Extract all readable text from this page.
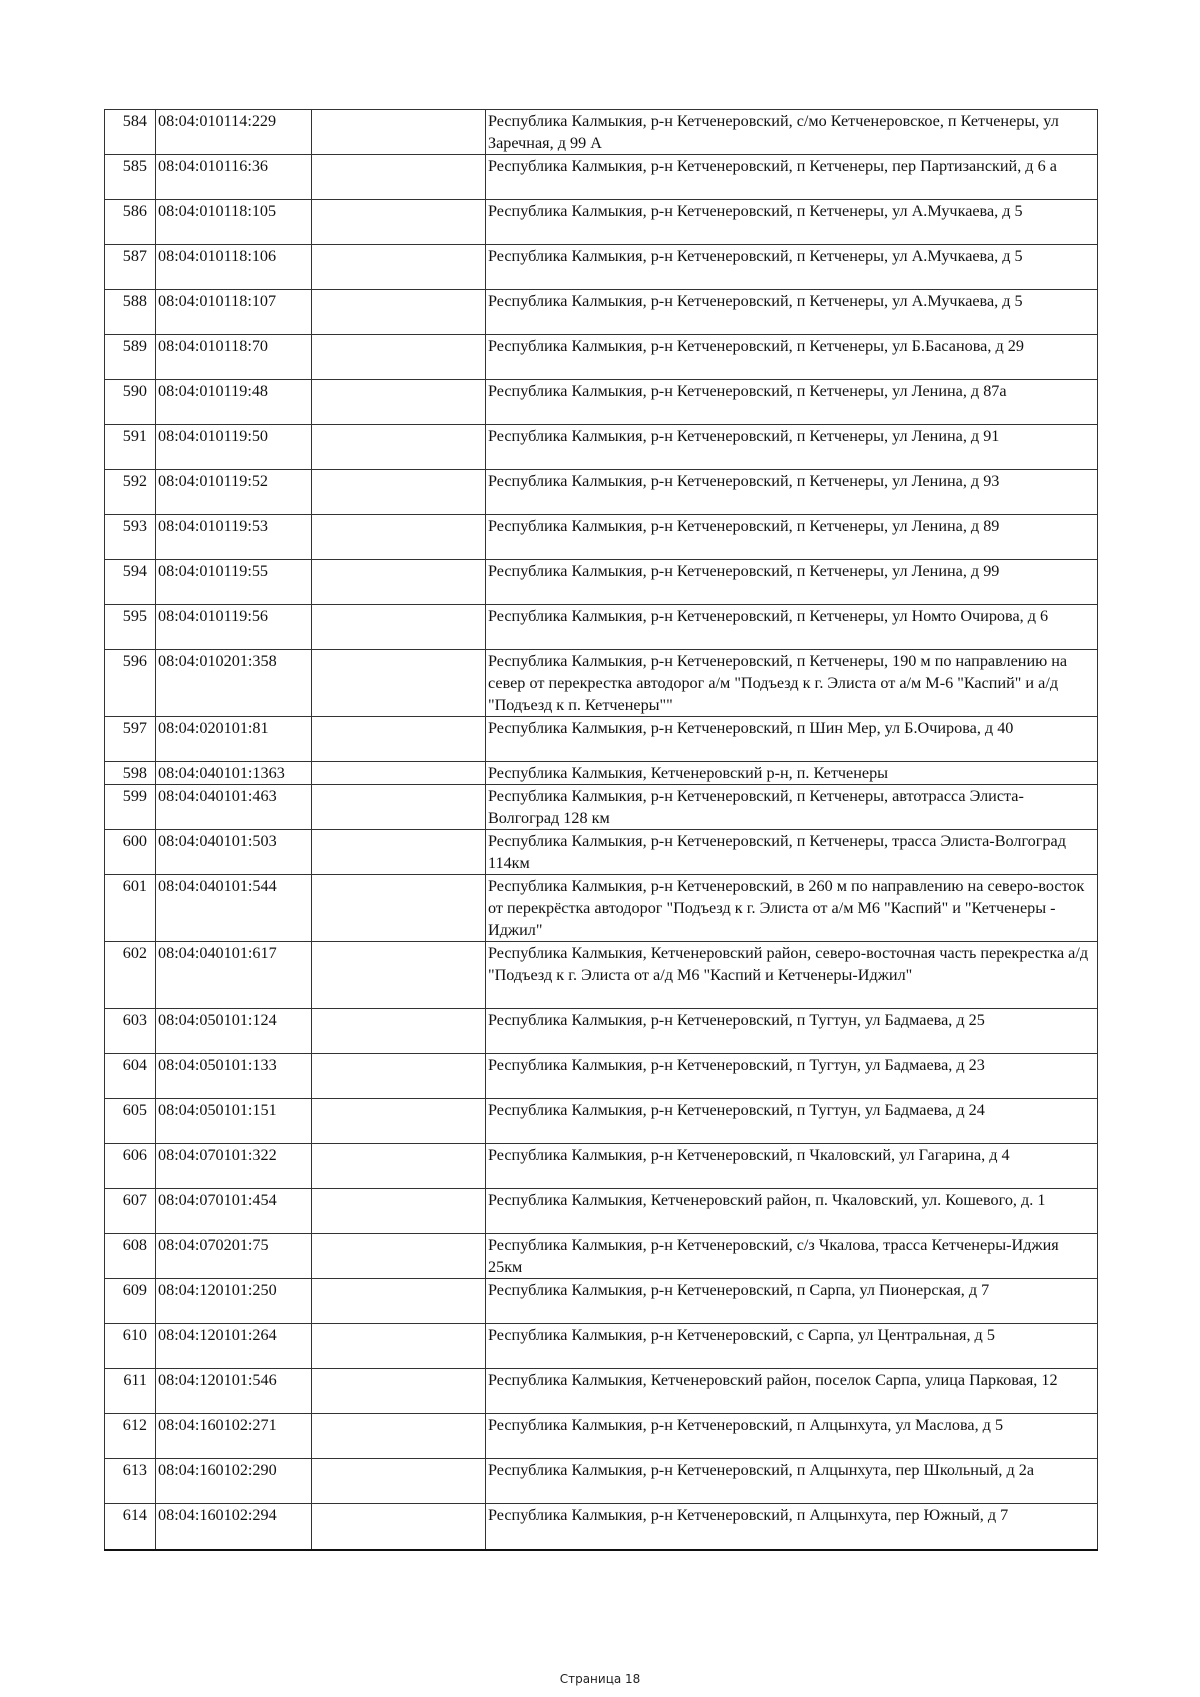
584	08:04:010114:229		Республика Калмыкия, р-н Кетченеровский, с/мо Кетченеровское, п Кетченеры, ул Заречная, д 99 А
585	08:04:010116:36		Республика Калмыкия, р-н Кетченеровский, п Кетченеры, пер Партизанский, д 6 а
586	08:04:010118:105		Республика Калмыкия, р-н Кетченеровский, п Кетченеры, ул А.Мучкаева, д 5
587	08:04:010118:106		Республика Калмыкия, р-н Кетченеровский, п Кетченеры, ул А.Мучкаева, д 5
588	08:04:010118:107		Республика Калмыкия, р-н Кетченеровский, п Кетченеры, ул А.Мучкаева, д 5
589	08:04:010118:70		Республика Калмыкия, р-н Кетченеровский, п Кетченеры, ул Б.Басанова, д 29
590	08:04:010119:48		Республика Калмыкия, р-н Кетченеровский, п Кетченеры, ул Ленина, д 87а
591	08:04:010119:50		Республика Калмыкия, р-н Кетченеровский, п Кетченеры, ул Ленина, д 91
592	08:04:010119:52		Республика Калмыкия, р-н Кетченеровский, п Кетченеры, ул Ленина, д 93
593	08:04:010119:53		Республика Калмыкия, р-н Кетченеровский, п Кетченеры, ул Ленина, д 89
594	08:04:010119:55		Республика Калмыкия, р-н Кетченеровский, п Кетченеры, ул Ленина, д 99
595	08:04:010119:56		Республика Калмыкия, р-н Кетченеровский, п Кетченеры, ул Номто Очирова, д 6
596	08:04:010201:358		Республика Калмыкия, р-н Кетченеровский, п Кетченеры, 190 м по направлению на север от перекрестка автодорог а/м "Подъезд к г. Элиста от а/м М-6 "Каспий" и а/д "Подъезд к п. Кетченеры""
597	08:04:020101:81		Республика Калмыкия, р-н Кетченеровский, п Шин Мер, ул Б.Очирова, д 40
598	08:04:040101:1363		Республика Калмыкия, Кетченеровский р-н, п. Кетченеры
599	08:04:040101:463		Республика Калмыкия, р-н Кетченеровский, п Кетченеры, автотрасса Элиста-Волгоград 128 км
600	08:04:040101:503		Республика Калмыкия, р-н Кетченеровский, п Кетченеры, трасса Элиста-Волгоград 114км
601	08:04:040101:544		Республика Калмыкия, р-н Кетченеровский, в 260 м по направлению на северо-восток от перекрёстка автодорог "Подъезд к г. Элиста от а/м М6 "Каспий" и "Кетченеры - Иджил"
602	08:04:040101:617		Республика Калмыкия, Кетченеровский район, северо-восточная часть перекрестка а/д "Подъезд к г. Элиста от а/д М6 "Каспий и Кетченеры-Иджил"
603	08:04:050101:124		Республика Калмыкия, р-н Кетченеровский, п Тугтун, ул Бадмаева, д 25
604	08:04:050101:133		Республика Калмыкия, р-н Кетченеровский, п Тугтун, ул Бадмаева, д 23
605	08:04:050101:151		Республика Калмыкия, р-н Кетченеровский, п Тугтун, ул Бадмаева, д 24
606	08:04:070101:322		Республика Калмыкия, р-н Кетченеровский, п Чкаловский, ул Гагарина, д 4
607	08:04:070101:454		Республика Калмыкия, Кетченеровский район, п. Чкаловский, ул. Кошевого, д. 1
608	08:04:070201:75		Республика Калмыкия, р-н Кетченеровский, с/з Чкалова, трасса Кетченеры-Иджия 25км
609	08:04:120101:250		Республика Калмыкия, р-н Кетченеровский, п Сарпа, ул Пионерская, д 7
610	08:04:120101:264		Республика Калмыкия, р-н Кетченеровский, с Сарпа, ул Центральная, д 5
611	08:04:120101:546		Республика Калмыкия, Кетченеровский район, поселок Сарпа, улица Парковая, 12
612	08:04:160102:271		Республика Калмыкия, р-н Кетченеровский, п Алцынхута, ул Маслова, д 5
613	08:04:160102:290		Республика Калмыкия, р-н Кетченеровский, п Алцынхута, пер Школьный, д 2а
614	08:04:160102:294		Республика Калмыкия, р-н Кетченеровский, п Алцынхута, пер Южный, д 7
Страница 18
